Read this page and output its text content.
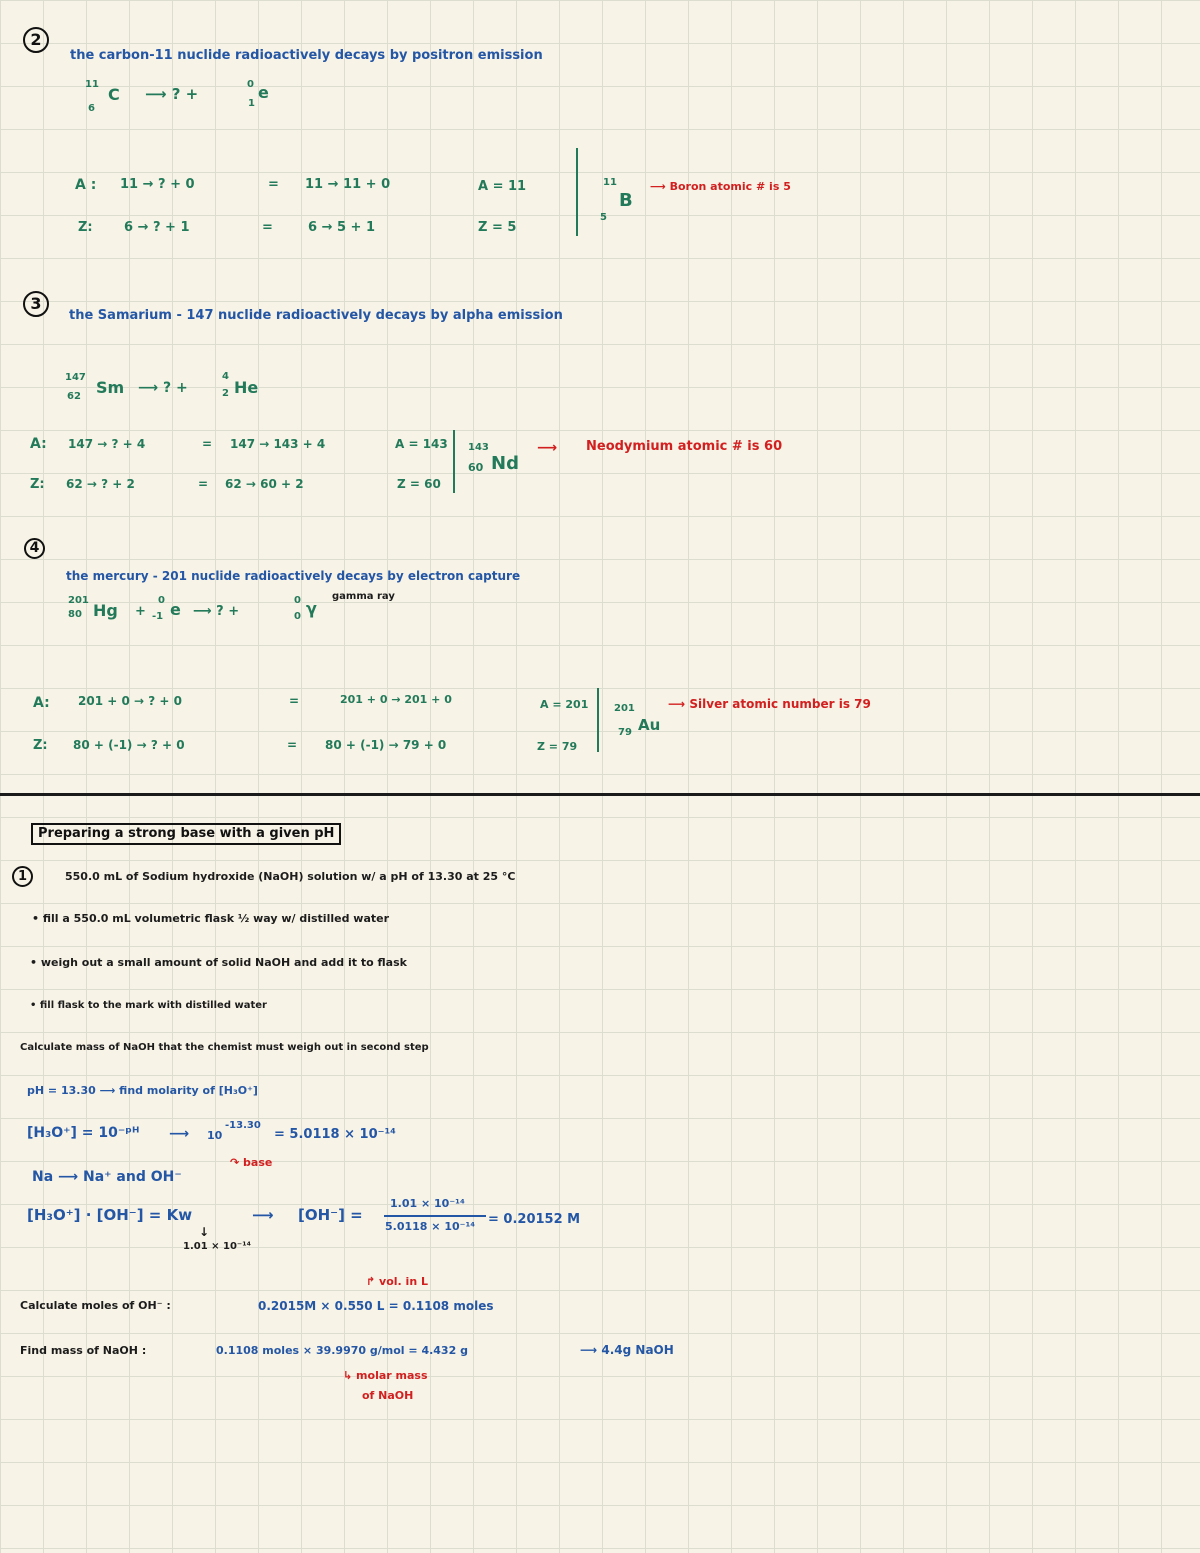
2
the carbon-11 nuclide radioactively decays by positron emission
11
6
C ⟶ ? +
0
1
e
A : 11 → ? + 0	= 11 → 11 + 0	A = 11
Z: 6 → ? + 1	=	6 → 5 + 1	Z = 5
11
5
B
⟶ Boron atomic # is 5
3
the Samarium - 147 nuclide radioactively decays by alpha emission
147
62 Sm ⟶ ? +
4
2 He
A: 147 → ? + 4	= 147 → 143 + 4	A = 143
Z: 62 → ? + 2	= 62 → 60 + 2	Z = 60
143
60 Nd
⟶ Neodymium atomic # is 60
4
the mercury - 201 nuclide radioactively decays by electron capture
201
80 Hg +
0
-1 e ⟶ ? +
0
0 γ
gamma ray
A: 201 + 0 → ? + 0	=	201 + 0 → 201 + 0	A = 201
Z: 80 + (-1) → ? + 0	= 80 + (-1) → 79 + 0	Z = 79
201
79 Au
⟶ Silver atomic number is 79
Preparing a strong base with a given pH
1	550.0 mL of Sodium hydroxide (NaOH) solution w/ a pH of 13.30 at 25 °C
• fill a 550.0 mL volumetric flask ½ way w/ distilled water
• weigh out a small amount of solid NaOH and add it to flask
• fill flask to the mark with distilled water
Calculate mass of NaOH that the chemist must weigh out in second step
pH = 13.30 ⟶ find molarity of [H₃O⁺]
[H₃O⁺] = 10⁻ᵖᴴ ⟶ 10
-13.30
= 5.0118 × 10⁻¹⁴
Na ⟶ Na⁺ and OH⁻
↷ base
[H₃O⁺] · [OH⁻] = Kw	⟶
↓
1.01 × 10⁻¹⁴
[OH⁻] =
1.01 × 10⁻¹⁴
5.0118 × 10⁻¹⁴ = 0.20152 M
↱ vol. in L
Calculate moles of OH⁻ :	0.2015M × 0.550 L = 0.1108 moles
Find mass of NaOH :	0.1108 moles × 39.9970 g/mol = 4.432 g	⟶ 4.4g NaOH
↳ molar mass
of NaOH
